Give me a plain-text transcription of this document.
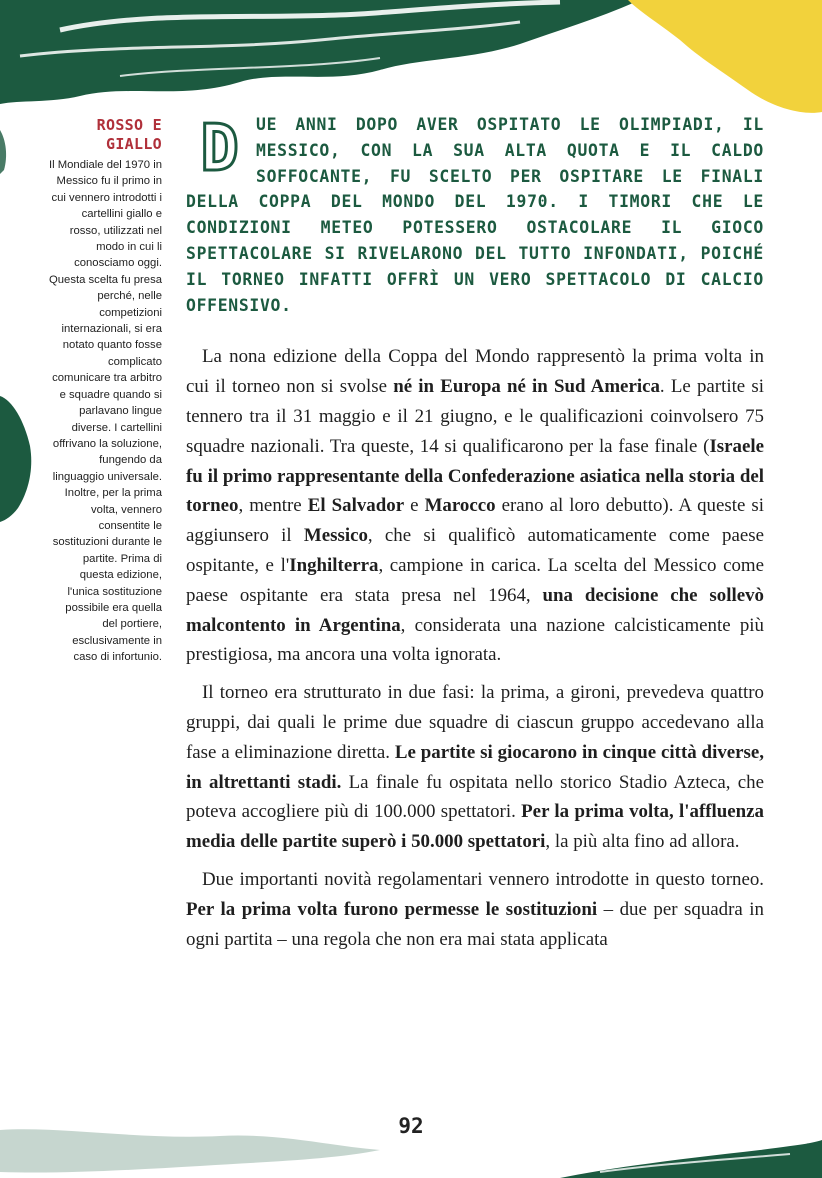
ROSSO E GIALLO
Il Mondiale del 1970 in Messico fu il primo in cui vennero introdotti i cartellini giallo e rosso, utilizzati nel modo in cui li conosciamo oggi. Questa scelta fu presa perché, nelle competizioni internazionali, si era notato quanto fosse complicato comunicare tra arbitro e squadre quando si parlavano lingue diverse. I cartellini offrivano la soluzione, fungendo da linguaggio universale. Inoltre, per la prima volta, vennero consentite le sostituzioni durante le partite. Prima di questa edizione, l'unica sostituzione possibile era quella del portiere, esclusivamente in caso di infortunio.

DUE ANNI DOPO AVER OSPITATO LE OLIMPIADI, IL MESSICO, CON LA SUA ALTA QUOTA E IL CALDO SOFFOCANTE, FU SCELTO PER OSPITARE LE FINALI DELLA COPPA DEL MONDO DEL 1970. I TIMORI CHE LE CONDIZIONI METEO POTESSERO OSTACOLARE IL GIOCO SPETTACOLARE SI RIVELARONO DEL TUTTO INFONDATI, POICHÉ IL TORNEO INFATTI OFFRÌ UN VERO SPETTACOLO DI CALCIO OFFENSIVO.

La nona edizione della Coppa del Mondo rappresentò la prima volta in cui il torneo non si svolse né in Europa né in Sud America. Le partite si tennero tra il 31 maggio e il 21 giugno, e le qualificazioni coinvolsero 75 squadre nazionali. Tra queste, 14 si qualificarono per la fase finale (Israele fu il primo rappresentante della Confederazione asiatica nella storia del torneo, mentre El Salvador e Marocco erano al loro debutto). A queste si aggiunsero il Messico, che si qualificò automaticamente come paese ospitante, e l'Inghilterra, campione in carica. La scelta del Messico come paese ospitante era stata presa nel 1964, una decisione che sollevò malcontento in Argentina, considerata una nazione calcisticamente più prestigiosa, ma ancora una volta ignorata.

Il torneo era strutturato in due fasi: la prima, a gironi, prevedeva quattro gruppi, dai quali le prime due squadre di ciascun gruppo accedevano alla fase a eliminazione diretta. Le partite si giocarono in cinque città diverse, in altrettanti stadi. La finale fu ospitata nello storico Stadio Azteca, che poteva accogliere più di 100.000 spettatori. Per la prima volta, l'affluenza media delle partite superò i 50.000 spettatori, la più alta fino ad allora.

Due importanti novità regolamentari vennero introdotte in questo torneo. Per la prima volta furono permesse le sostituzioni – due per squadra in ogni partita – una regola che non era mai stata applicata

92
